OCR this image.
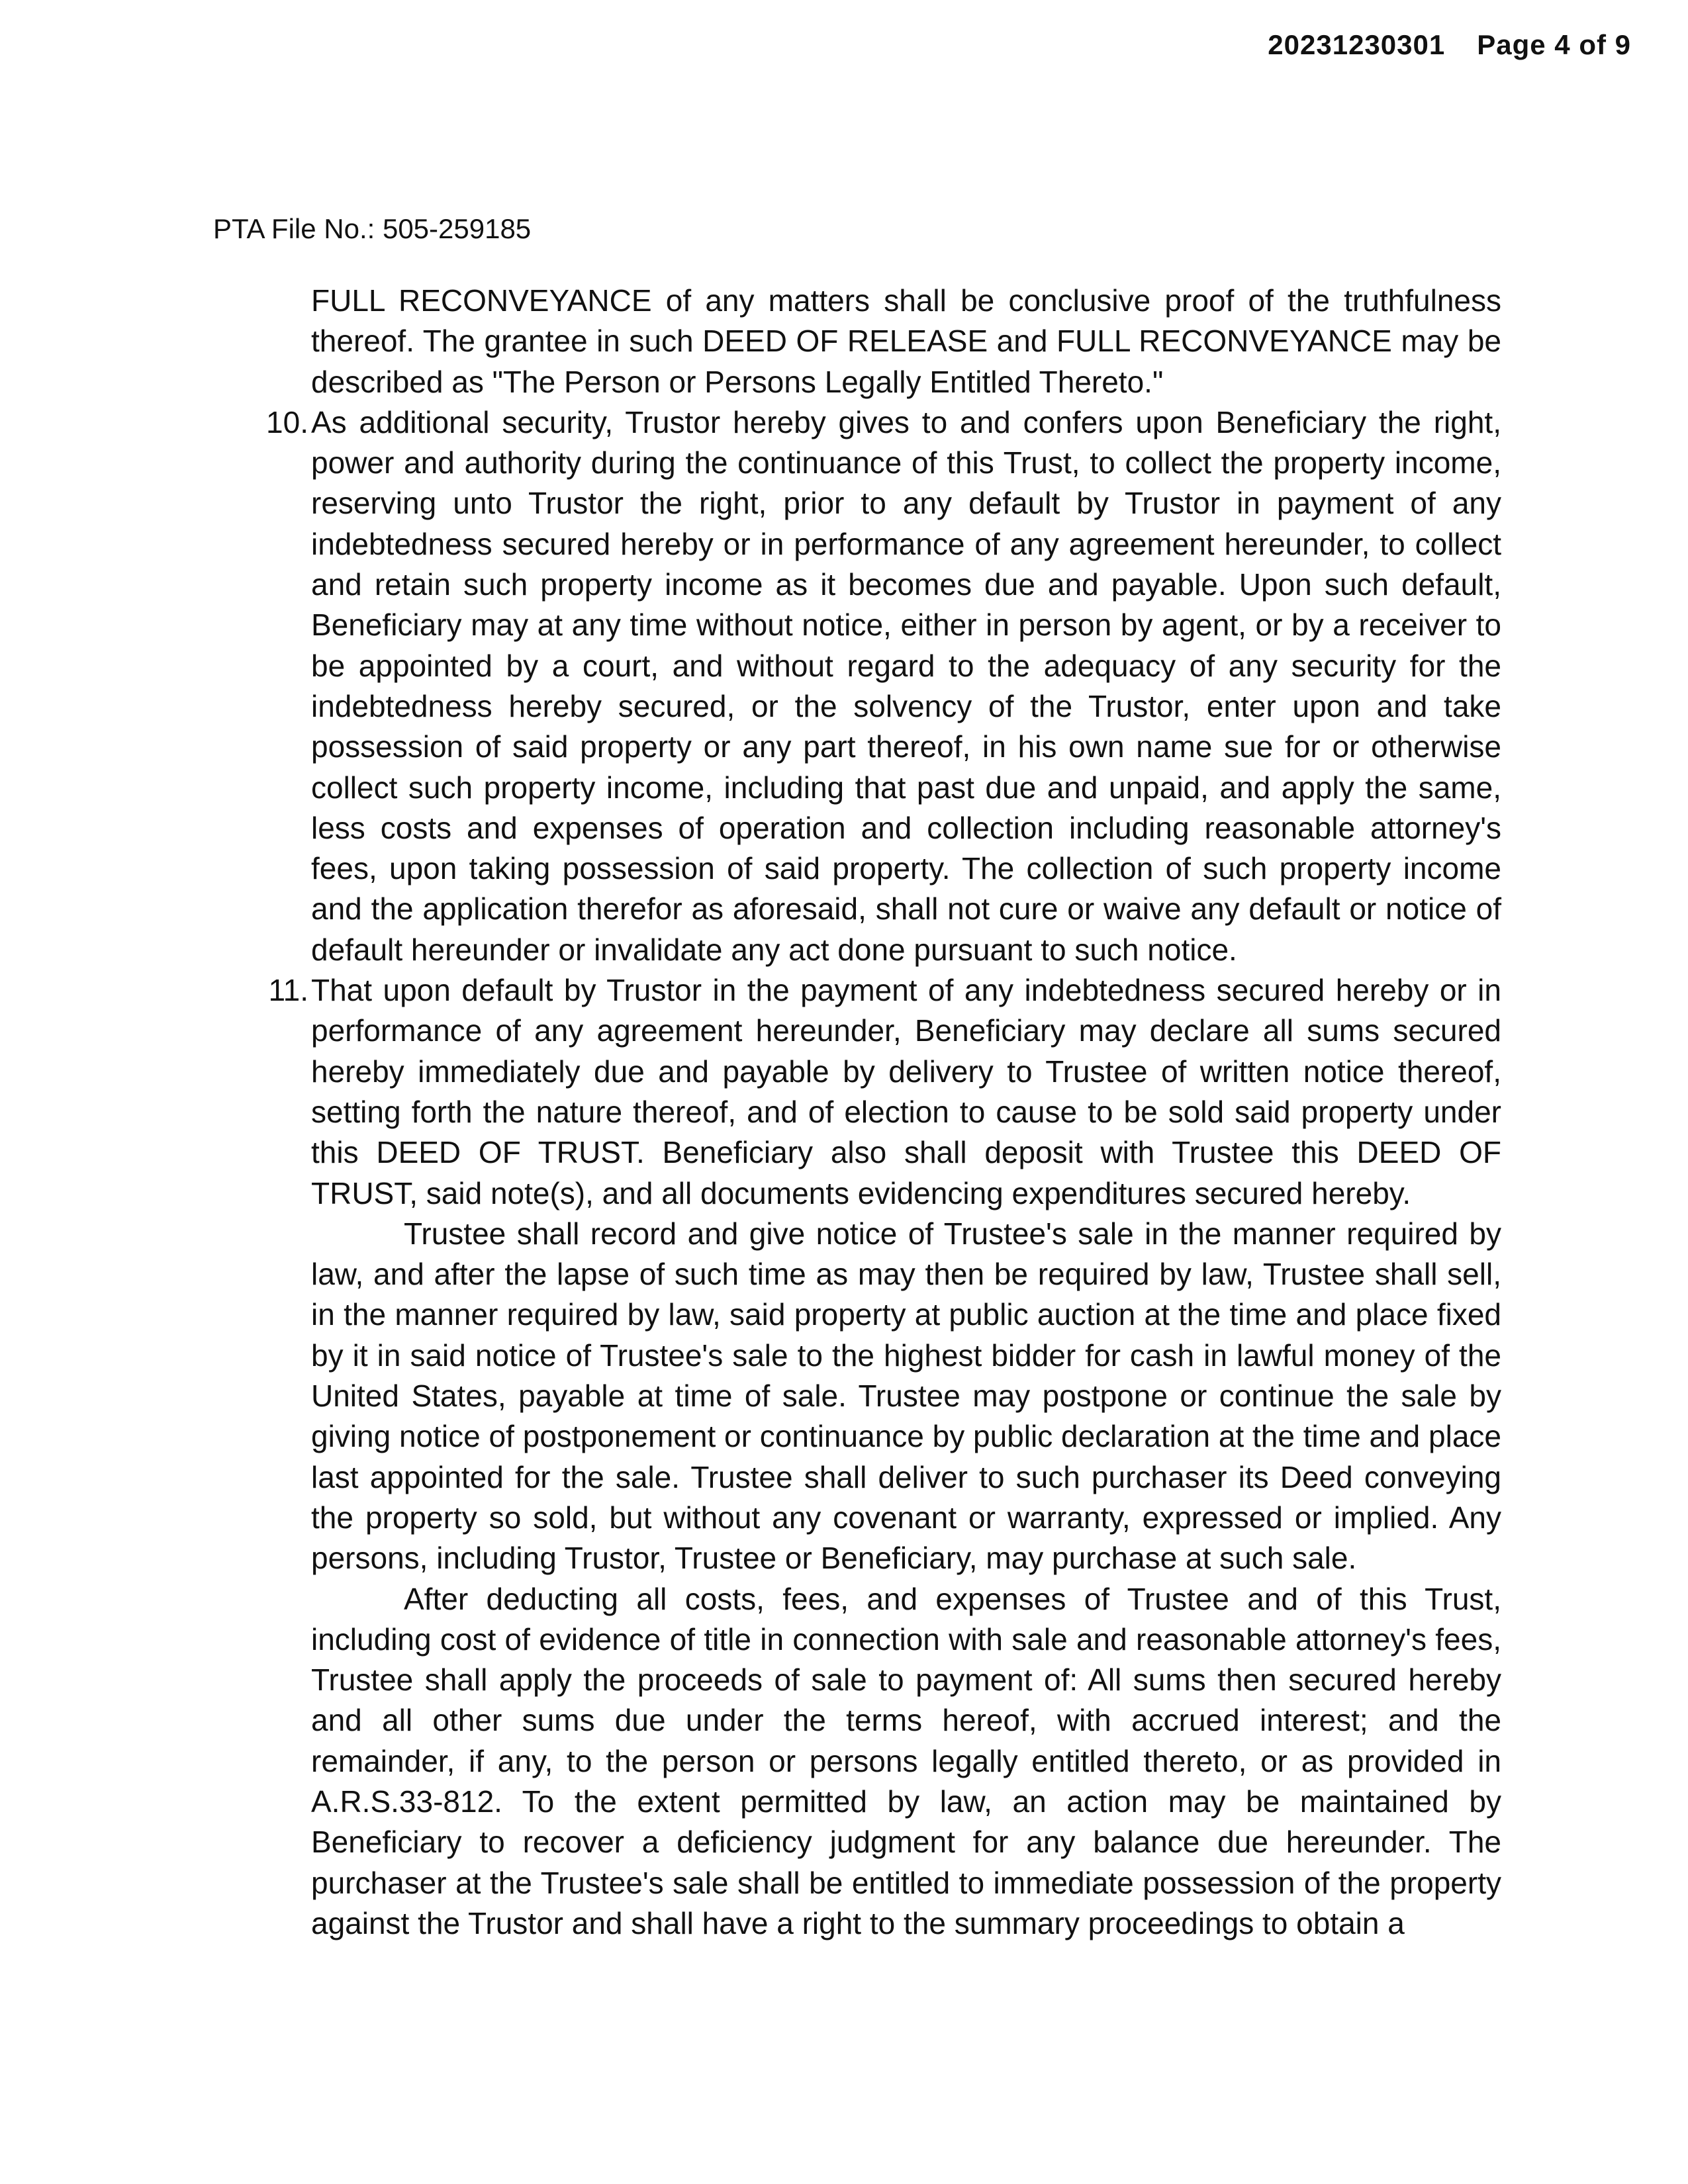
20231230301 Page 4 of 9
PTA File No.: 505-259185

FULL RECONVEYANCE of any matters shall be conclusive proof of the truthfulness thereof. The grantee in such DEED OF RELEASE and FULL RECONVEYANCE may be described as "The Person or Persons Legally Entitled Thereto."

10. As additional security, Trustor hereby gives to and confers upon Beneficiary the right, power and authority during the continuance of this Trust, to collect the property income, reserving unto Trustor the right, prior to any default by Trustor in payment of any indebtedness secured hereby or in performance of any agreement hereunder, to collect and retain such property income as it becomes due and payable. Upon such default, Beneficiary may at any time without notice, either in person by agent, or by a receiver to be appointed by a court, and without regard to the adequacy of any security for the indebtedness hereby secured, or the solvency of the Trustor, enter upon and take possession of said property or any part thereof, in his own name sue for or otherwise collect such property income, including that past due and unpaid, and apply the same, less costs and expenses of operation and collection including reasonable attorney's fees, upon taking possession of said property. The collection of such property income and the application therefor as aforesaid, shall not cure or waive any default or notice of default hereunder or invalidate any act done pursuant to such notice.

11. That upon default by Trustor in the payment of any indebtedness secured hereby or in performance of any agreement hereunder, Beneficiary may declare all sums secured hereby immediately due and payable by delivery to Trustee of written notice thereof, setting forth the nature thereof, and of election to cause to be sold said property under this DEED OF TRUST. Beneficiary also shall deposit with Trustee this DEED OF TRUST, said note(s), and all documents evidencing expenditures secured hereby.

Trustee shall record and give notice of Trustee's sale in the manner required by law, and after the lapse of such time as may then be required by law, Trustee shall sell, in the manner required by law, said property at public auction at the time and place fixed by it in said notice of Trustee's sale to the highest bidder for cash in lawful money of the United States, payable at time of sale. Trustee may postpone or continue the sale by giving notice of postponement or continuance by public declaration at the time and place last appointed for the sale. Trustee shall deliver to such purchaser its Deed conveying the property so sold, but without any covenant or warranty, expressed or implied. Any persons, including Trustor, Trustee or Beneficiary, may purchase at such sale.

After deducting all costs, fees, and expenses of Trustee and of this Trust, including cost of evidence of title in connection with sale and reasonable attorney's fees, Trustee shall apply the proceeds of sale to payment of: All sums then secured hereby and all other sums due under the terms hereof, with accrued interest; and the remainder, if any, to the person or persons legally entitled thereto, or as provided in A.R.S.33-812. To the extent permitted by law, an action may be maintained by Beneficiary to recover a deficiency judgment for any balance due hereunder. The purchaser at the Trustee's sale shall be entitled to immediate possession of the property against the Trustor and shall have a right to the summary proceedings to obtain a
